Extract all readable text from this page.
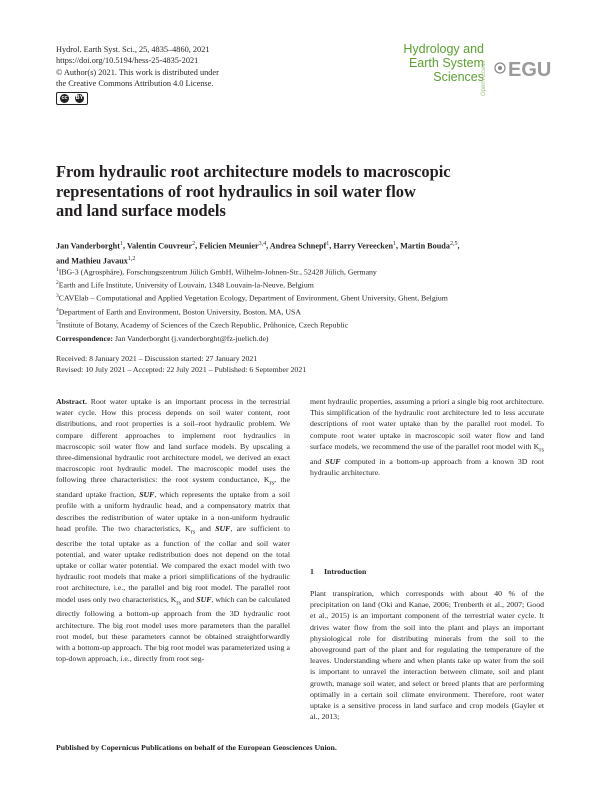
Hydrol. Earth Syst. Sci., 25, 4835–4860, 2021
https://doi.org/10.5194/hess-25-4835-2021
© Author(s) 2021. This work is distributed under
the Creative Commons Attribution 4.0 License.
cc BY
Hydrology and
Earth System
Sciences
Open Access EGU
From hydraulic root architecture models to macroscopic
representations of root hydraulics in soil water flow
and land surface models
Jan Vanderborght$^1$, Valentin Couvreur$^2$, Felicien Meunier$^{3,4}$, Andrea Schnepf$^1$, Harry Vereecken$^1$, Martin Bouda$^{2,5}$,
and Mathieu Javaux$^{1,2}$
$^1$IBG-3 (Agrosphäre), Forschungszentrum Jülich GmbH, Wilhelm-Johnen-Str., 52428 Jülich, Germany
$^2$Earth and Life Institute, University of Louvain, 1348 Louvain-la-Neuve, Belgium
$^3$CAVElab – Computational and Applied Vegetation Ecology, Department of Environment, Ghent University, Ghent, Belgium
$^4$Department of Earth and Environment, Boston University, Boston, MA, USA
$^5$Institute of Botany, Academy of Sciences of the Czech Republic, Průhonice, Czech Republic
Correspondence: Jan Vanderborght (j.vanderborght@fz-juelich.de)
Received: 8 January 2021 – Discussion started: 27 January 2021
Revised: 10 July 2021 – Accepted: 22 July 2021 – Published: 6 September 2021
Abstract. Root water uptake is an important process in the terrestrial water cycle. How this process depends on soil water content, root distributions, and root properties is a soil–root hydraulic problem. We compare different approaches to implement root hydraulics in macroscopic soil water flow and land surface models. By upscaling a three-dimensional hydraulic root architecture model, we derived an exact macroscopic root hydraulic model. The macroscopic model uses the following three characteristics: the root system conductance, $K_{rs}$, the standard uptake fraction, SUF, which represents the uptake from a soil profile with a uniform hydraulic head, and a compensatory matrix that describes the redistribution of water uptake in a non-uniform hydraulic head profile. The two characteristics, $K_{rs}$ and SUF, are sufficient to describe the total uptake as a function of the collar and soil water potential, and water uptake redistribution does not depend on the total uptake or collar water potential. We compared the exact model with two hydraulic root models that make a priori simplifications of the hydraulic root architecture, i.e., the parallel and big root model. The parallel root model uses only two characteristics, $K_{rs}$ and SUF, which can be calculated directly following a bottom-up approach from the 3D hydraulic root architecture. The big root model uses more parameters than the parallel root model, but these parameters cannot be obtained straightforwardly with a bottom-up approach. The big root model was parameterized using a top-down approach, i.e., directly from root seg-
ment hydraulic properties, assuming a priori a single big root architecture. This simplification of the hydraulic root architecture led to less accurate descriptions of root water uptake than by the parallel root model. To compute root water uptake in macroscopic soil water flow and land surface models, we recommend the use of the parallel root model with $K_{rs}$ and SUF computed in a bottom-up approach from a known 3D root hydraulic architecture.
1 Introduction
Plant transpiration, which corresponds with about 40 % of the precipitation on land (Oki and Kanae, 2006; Trenberth et al., 2007; Good et al., 2015) is an important component of the terrestrial water cycle. It drives water flow from the soil into the plant and plays an important physiological role for distributing minerals from the soil to the aboveground part of the plant and for regulating the temperature of the leaves. Understanding where and when plants take up water from the soil is important to unravel the interaction between climate, soil and plant growth, manage soil water, and select or breed plants that are performing optimally in a certain soil climate environment. Therefore, root water uptake is a sensitive process in land surface and crop models (Gayler et al., 2013;
Published by Copernicus Publications on behalf of the European Geosciences Union.
